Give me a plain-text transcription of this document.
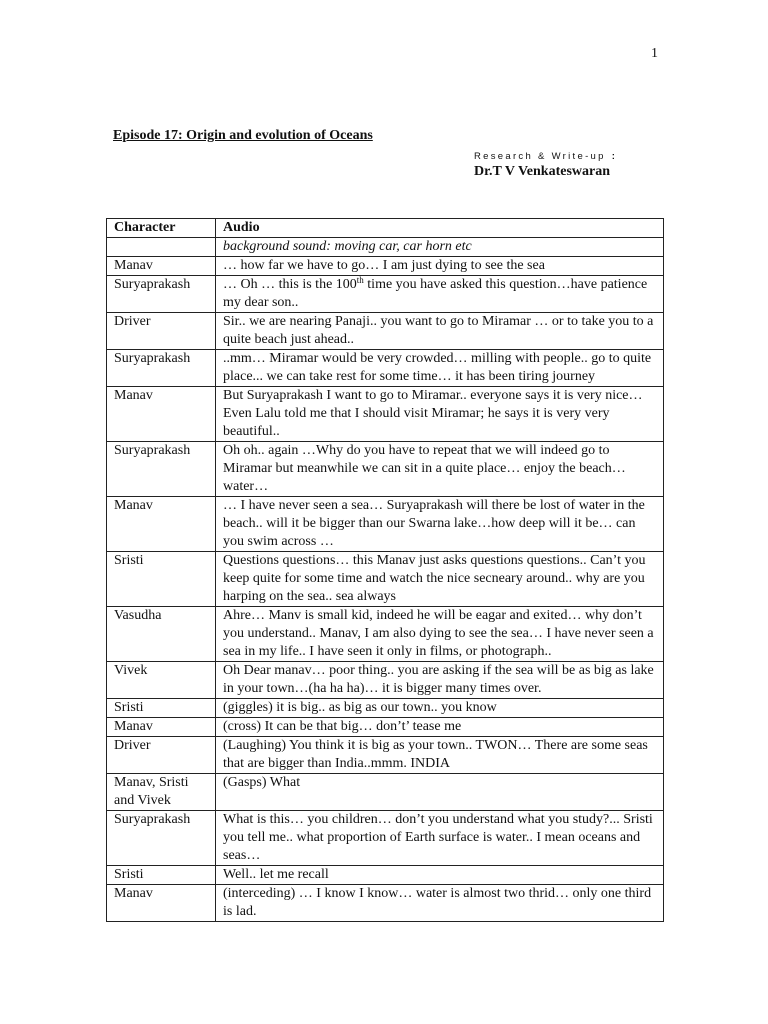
1
Episode 17: Origin and evolution of Oceans
Research & Write-up :
Dr.T V Venkateswaran
Character	Audio
	background sound: moving car, car horn etc
Manav	… how far we have to go… I am just dying to see the sea
Suryaprakash	… Oh … this is the 100th time you have asked this question…have patience my dear son..
Driver	Sir.. we are nearing Panaji.. you want to go to Miramar … or to take you to a quite beach just ahead..
Suryaprakash	..mm… Miramar would be very crowded… milling with people.. go to quite place... we can take rest for some time… it has been tiring journey
Manav	But Suryaprakash I want to go to Miramar.. everyone says it is very nice…Even Lalu told me that I should visit Miramar; he says it is very very beautiful..
Suryaprakash	Oh oh.. again …Why do you have to repeat that we will indeed go to Miramar but meanwhile we can sit in a quite place… enjoy the beach… water…
Manav	… I have never seen a sea… Suryaprakash will there be lost of water in the beach.. will it be bigger than our Swarna lake…how deep will it be… can you swim across …
Sristi	Questions questions… this Manav just asks questions questions.. Can’t you keep quite for some time and watch the nice secneary around.. why are you harping on the sea.. sea always
Vasudha	Ahre… Manv is small kid, indeed he will be eagar and exited… why don’t you understand.. Manav, I am also dying to see the sea… I have never seen a sea in my life.. I have seen it only in films, or photograph..
Vivek	Oh Dear manav… poor thing.. you are asking if the sea will be as big as lake in your town…(ha ha ha)… it is bigger many times over.
Sristi	(giggles) it is big.. as big as our town.. you know
Manav	(cross) It can be that big… don’t’ tease me
Driver	(Laughing) You think it is big as your town.. TWON… There are some seas that are bigger than India..mmm. INDIA
Manav, Sristi and Vivek	(Gasps) What
Suryaprakash	What is this… you children… don’t you understand what you study?... Sristi you tell me.. what proportion of Earth surface is water.. I mean oceans and seas…
Sristi	Well.. let me recall
Manav	(interceding) … I know I know… water is almost two thrid… only one third is lad.
